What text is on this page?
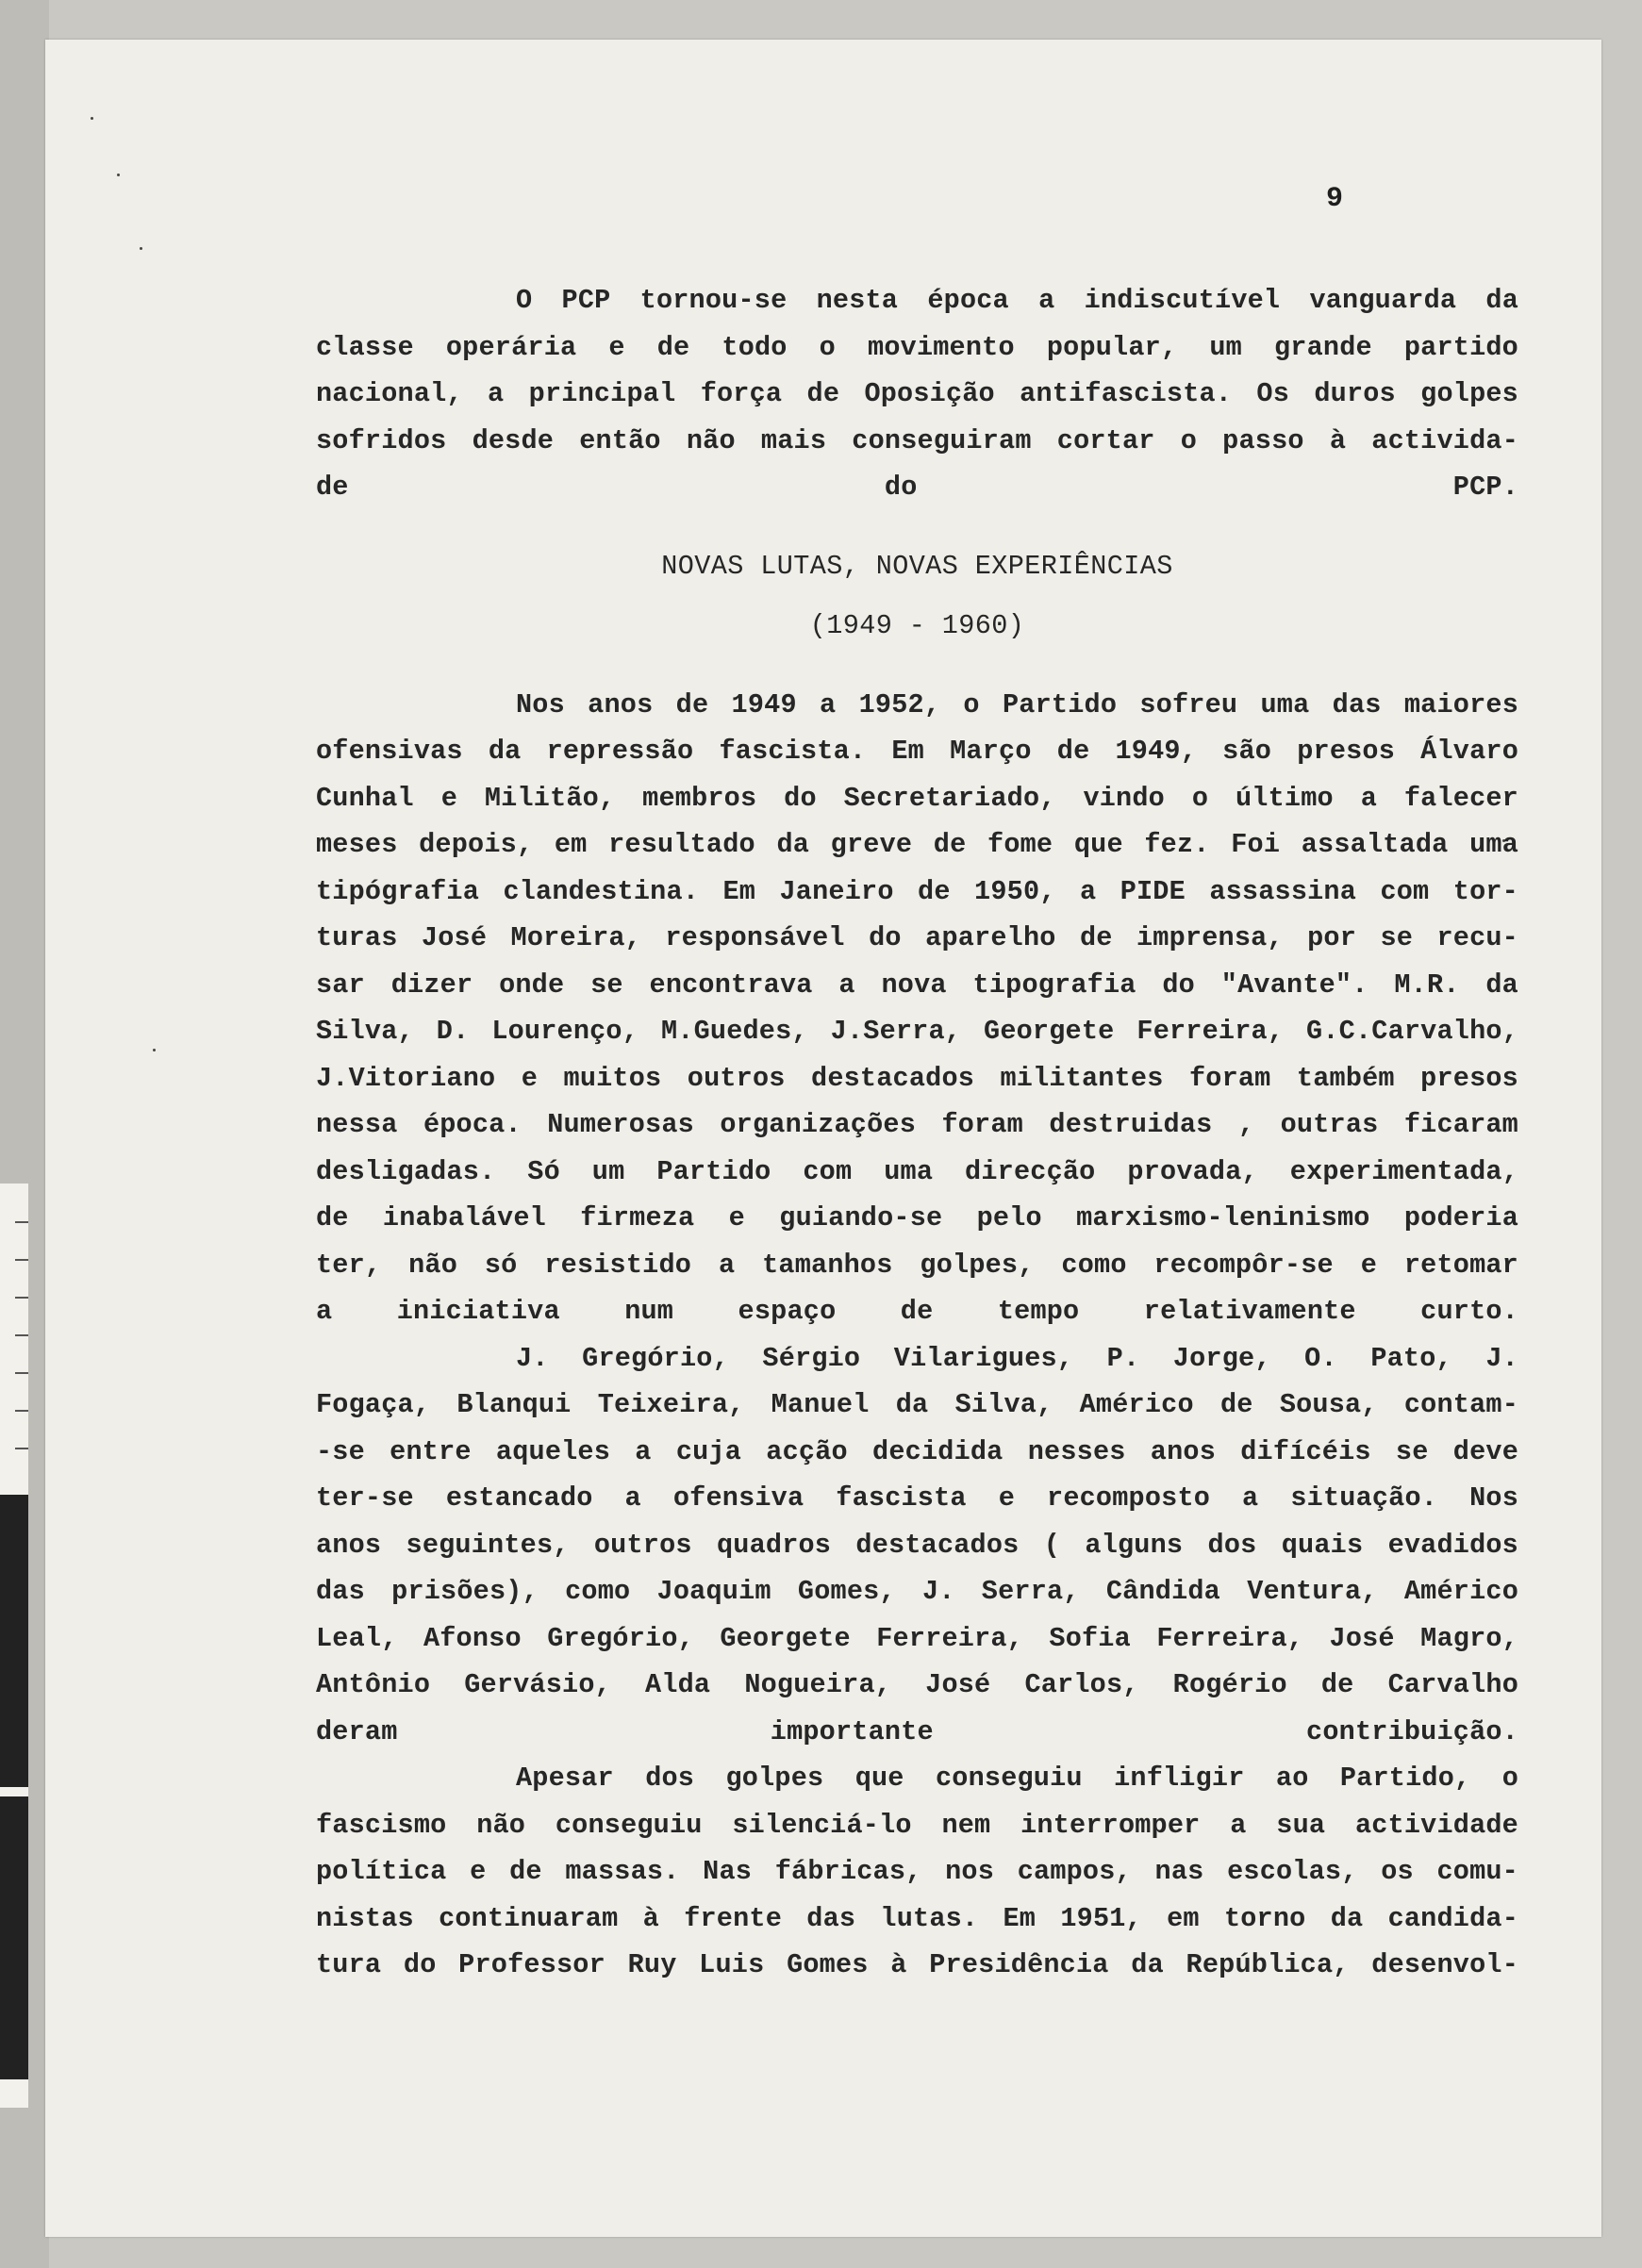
9
O PCP tornou-se nesta época a indiscutível vanguarda da
classe operária e de todo o movimento popular, um grande partido
nacional, a principal força de Oposição antifascista. Os duros golpes
sofridos desde então não mais conseguiram cortar o passo à activida-
de do PCP.
NOVAS LUTAS, NOVAS EXPERIÊNCIAS
(1949 - 1960)
Nos anos de 1949 a 1952, o Partido sofreu uma das maiores
ofensivas da repressão fascista. Em Março de 1949, são presos Álvaro
Cunhal e Militão, membros do Secretariado, vindo o último a falecer
meses depois, em resultado da greve de fome que fez. Foi assaltada uma
tipógrafia clandestina. Em Janeiro de 1950, a PIDE assassina com tor-
turas José Moreira, responsável do aparelho de imprensa, por se recu-
sar dizer onde se encontrava a nova tipografia do "Avante". M.R. da
Silva, D. Lourenço, M.Guedes, J.Serra, Georgete Ferreira, G.C.Carvalho,
J.Vitoriano e muitos outros destacados militantes foram também presos
nessa época. Numerosas organizações foram destruidas , outras ficaram
desligadas. Só um Partido com uma direcção provada, experimentada,
de inabalável firmeza e guiando-se pelo marxismo-leninismo poderia
ter, não só resistido a tamanhos golpes, como recompôr-se e retomar
a iniciativa num espaço de tempo relativamente curto.
J. Gregório, Sérgio Vilarigues, P. Jorge, O. Pato, J.
Fogaça, Blanqui Teixeira, Manuel da Silva, Américo de Sousa, contam-
-se entre aqueles a cuja acção decidida nesses anos difícéis se deve
ter-se estancado a ofensiva fascista e recomposto a situação. Nos
anos seguintes, outros quadros destacados ( alguns dos quais evadidos
das prisões), como Joaquim Gomes, J. Serra, Cândida Ventura, Américo
Leal, Afonso Gregório, Georgete Ferreira, Sofia Ferreira, José Magro,
Antônio Gervásio, Alda Nogueira, José Carlos, Rogério de Carvalho
deram importante contribuição.
Apesar dos golpes que conseguiu infligir ao Partido, o
fascismo não conseguiu silenciá-lo nem interromper a sua actividade
política e de massas. Nas fábricas, nos campos, nas escolas, os comu-
nistas continuaram à frente das lutas. Em 1951, em torno da candida-
tura do Professor Ruy Luis Gomes à Presidência da República, desenvol-
